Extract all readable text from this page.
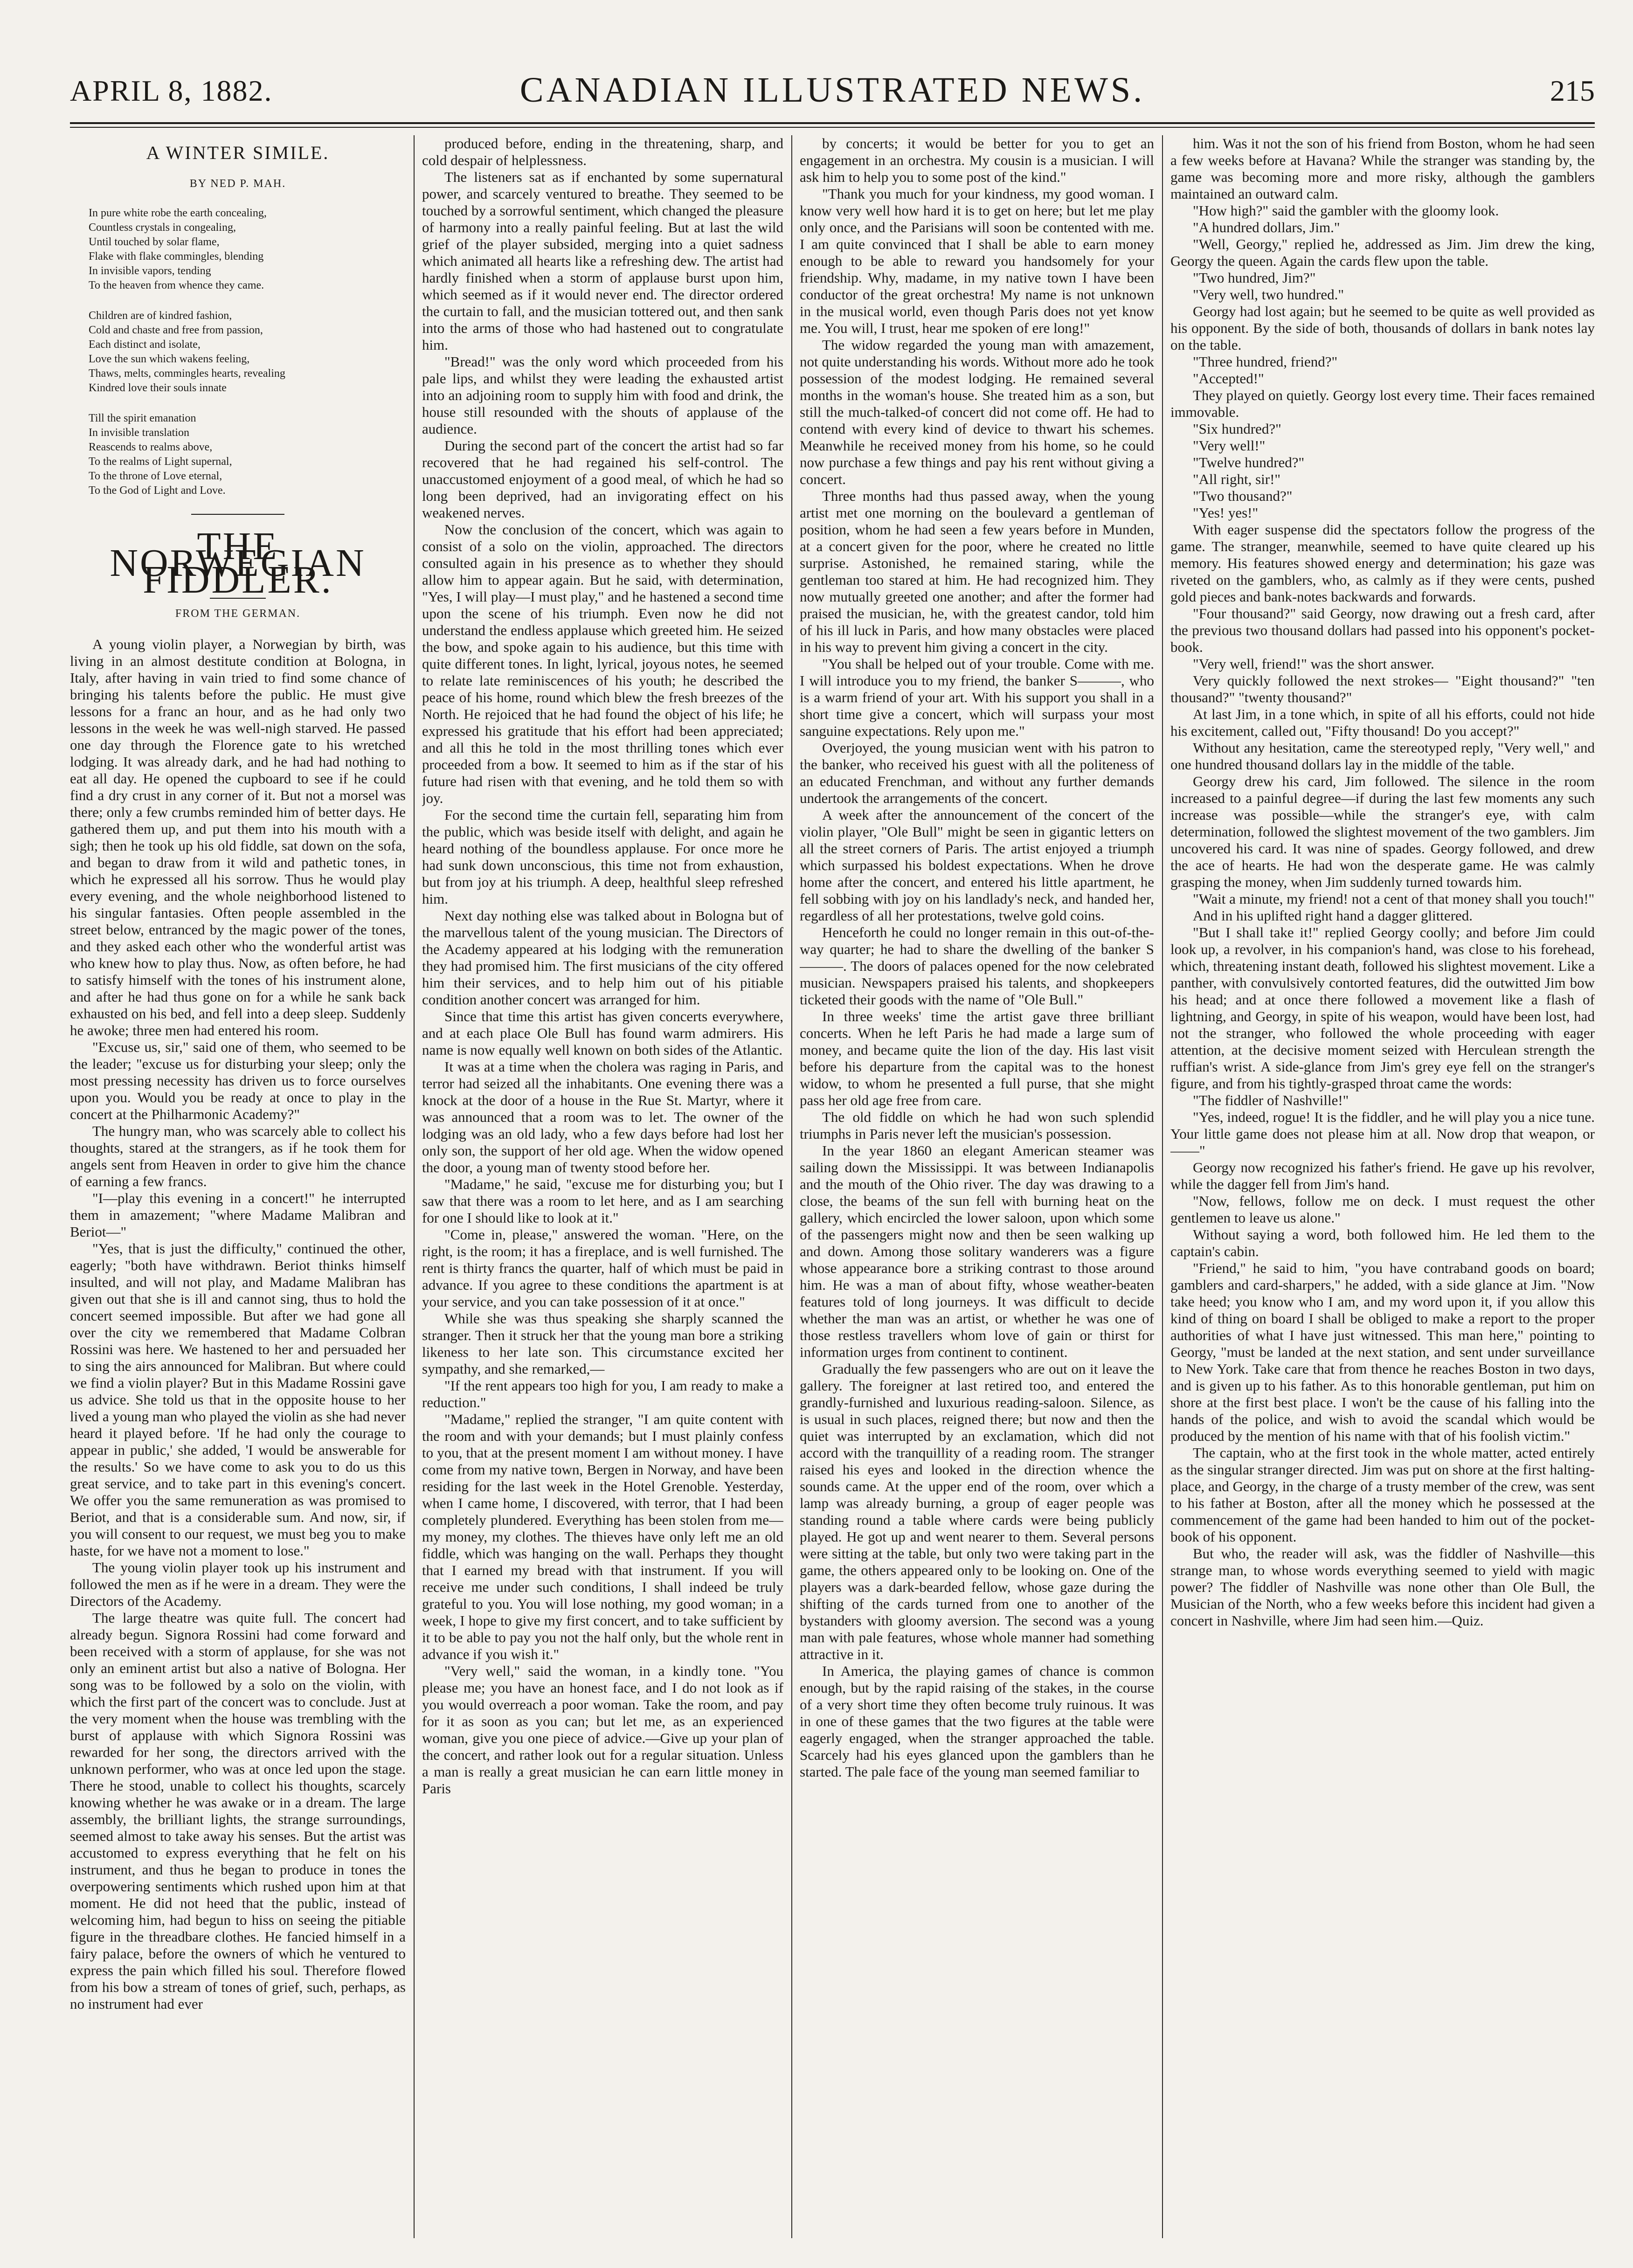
APRIL 8, 1882.	CANADIAN ILLUSTRATED NEWS.	215
A WINTER SIMILE.
BY NED P. MAH.
In pure white robe the earth concealing,
Countless crystals in congealing,
Until touched by solar flame,
Flake with flake commingles, blending
In invisible vapors, tending
To the heaven from whence they came.
Children are of kindred fashion,
Cold and chaste and free from passion,
Each distinct and isolate,
Love the sun which wakens feeling,
Thaws, melts, commingles hearts, revealing
Kindred love their souls innate
Till the spirit emanation
In invisible translation
Reascends to realms above,
To the realms of Light supernal,
To the throne of Love eternal,
To the God of Light and Love.
THE NORWEGIAN FIDDLER.
FROM THE GERMAN.

A young violin player, a Norwegian by birth, was living in an almost destitute condition at Bologna, in Italy, after having in vain tried to find some chance of bringing his talents before the public. He must give lessons for a franc an hour, and as he had only two lessons in the week he was well-nigh starved. He passed one day through the Florence gate to his wretched lodging. It was already dark, and he had had nothing to eat all day. He opened the cupboard to see if he could find a dry crust in any corner of it. But not a morsel was there; only a few crumbs reminded him of better days. He gathered them up, and put them into his mouth with a sigh; then he took up his old fiddle, sat down on the sofa, and began to draw from it wild and pathetic tones, in which he expressed all his sorrow. Thus he would play every evening, and the whole neighborhood listened to his singular fantasies. Often people assembled in the street below, entranced by the magic power of the tones, and they asked each other who the wonderful artist was who knew how to play thus. Now, as often before, he had to satisfy himself with the tones of his instrument alone, and after he had thus gone on for a while he sank back exhausted on his bed, and fell into a deep sleep. Suddenly he awoke; three men had entered his room.

"Excuse us, sir," said one of them, who seemed to be the leader; "excuse us for disturbing your sleep; only the most pressing necessity has driven us to force ourselves upon you. Would you be ready at once to play in the concert at the Philharmonic Academy?"

The hungry man, who was scarcely able to collect his thoughts, stared at the strangers, as if he took them for angels sent from Heaven in order to give him the chance of earning a few francs.

"I—play this evening in a concert!" he interrupted them in amazement; "where Madame Malibran and Beriot—"

"Yes, that is just the difficulty," continued the other, eagerly; "both have withdrawn. Beriot thinks himself insulted, and will not play, and Madame Malibran has given out that she is ill and cannot sing, thus to hold the concert seemed impossible. But after we had gone all over the city we remembered that Madame Colbran Rossini was here. We hastened to her and persuaded her to sing the airs announced for Malibran. But where could we find a violin player? But in this Madame Rossini gave us advice. She told us that in the opposite house to her lived a young man who played the violin as she had never heard it played before. 'If he had only the courage to appear in public,' she added, 'I would be answerable for the results.' So we have come to ask you to do us this great service, and to take part in this evening's concert. We offer you the same remuneration as was promised to Beriot, and that is a considerable sum. And now, sir, if you will consent to our request, we must beg you to make haste, for we have not a moment to lose."

The young violin player took up his instrument and followed the men as if he were in a dream. They were the Directors of the Academy.

The large theatre was quite full. The concert had already begun. Signora Rossini had come forward and been received with a storm of applause, for she was not only an eminent artist but also a native of Bologna. Her song was to be followed by a solo on the violin, with which the first part of the concert was to conclude. Just at the very moment when the house was trembling with the burst of applause with which Signora Rossini was rewarded for her song, the directors arrived with the unknown performer, who was at once led upon the stage. There he stood, unable to collect his thoughts, scarcely knowing whether he was awake or in a dream. The large assembly, the brilliant lights, the strange surroundings, seemed almost to take away his senses. But the artist was accustomed to express everything that he felt on his instrument, and thus he began to produce in tones the overpowering sentiments which rushed upon him at that moment. He did not heed that the public, instead of welcoming him, had begun to hiss on seeing the pitiable figure in the threadbare clothes. He fancied himself in a fairy palace, before the owners of which he ventured to express the pain which filled his soul. Therefore flowed from his bow a stream of tones of grief, such, perhaps, as no instrument had ever

produced before, ending in the threatening, sharp, and cold despair of helplessness.

The listeners sat as if enchanted by some supernatural power, and scarcely ventured to breathe. They seemed to be touched by a sorrowful sentiment, which changed the pleasure of harmony into a really painful feeling. But at last the wild grief of the player subsided, merging into a quiet sadness which animated all hearts like a refreshing dew. The artist had hardly finished when a storm of applause burst upon him, which seemed as if it would never end. The director ordered the curtain to fall, and the musician tottered out, and then sank into the arms of those who had hastened out to congratulate him.

"Bread!" was the only word which proceeded from his pale lips, and whilst they were leading the exhausted artist into an adjoining room to supply him with food and drink, the house still resounded with the shouts of applause of the audience.

During the second part of the concert the artist had so far recovered that he had regained his self-control. The unaccustomed enjoyment of a good meal, of which he had so long been deprived, had an invigorating effect on his weakened nerves.

Now the conclusion of the concert, which was again to consist of a solo on the violin, approached. The directors consulted again in his presence as to whether they should allow him to appear again. But he said, with determination, "Yes, I will play—I must play," and he hastened a second time upon the scene of his triumph. Even now he did not understand the endless applause which greeted him. He seized the bow, and spoke again to his audience, but this time with quite different tones. In light, lyrical, joyous notes, he seemed to relate late reminiscences of his youth; he described the peace of his home, round which blew the fresh breezes of the North. He rejoiced that he had found the object of his life; he expressed his gratitude that his effort had been appreciated; and all this he told in the most thrilling tones which ever proceeded from a bow. It seemed to him as if the star of his future had risen with that evening, and he told them so with joy.

For the second time the curtain fell, separating him from the public, which was beside itself with delight, and again he heard nothing of the boundless applause. For once more he had sunk down unconscious, this time not from exhaustion, but from joy at his triumph. A deep, healthful sleep refreshed him.

Next day nothing else was talked about in Bologna but of the marvellous talent of the young musician. The Directors of the Academy appeared at his lodging with the remuneration they had promised him. The first musicians of the city offered him their services, and to help him out of his pitiable condition another concert was arranged for him.

Since that time this artist has given concerts everywhere, and at each place Ole Bull has found warm admirers. His name is now equally well known on both sides of the Atlantic.

It was at a time when the cholera was raging in Paris, and terror had seized all the inhabitants. One evening there was a knock at the door of a house in the Rue St. Martyr, where it was announced that a room was to let. The owner of the lodging was an old lady, who a few days before had lost her only son, the support of her old age. When the widow opened the door, a young man of twenty stood before her.

"Madame," he said, "excuse me for disturbing you; but I saw that there was a room to let here, and as I am searching for one I should like to look at it."

"Come in, please," answered the woman. "Here, on the right, is the room; it has a fireplace, and is well furnished. The rent is thirty francs the quarter, half of which must be paid in advance. If you agree to these conditions the apartment is at your service, and you can take possession of it at once."

While she was thus speaking she sharply scanned the stranger. Then it struck her that the young man bore a striking likeness to her late son. This circumstance excited her sympathy, and she remarked,—

"If the rent appears too high for you, I am ready to make a reduction."

"Madame," replied the stranger, "I am quite content with the room and with your demands; but I must plainly confess to you, that at the present moment I am without money. I have come from my native town, Bergen in Norway, and have been residing for the last week in the Hotel Grenoble. Yesterday, when I came home, I discovered, with terror, that I had been completely plundered. Everything has been stolen from me—my money, my clothes. The thieves have only left me an old fiddle, which was hanging on the wall. Perhaps they thought that I earned my bread with that instrument. If you will receive me under such conditions, I shall indeed be truly grateful to you. You will lose nothing, my good woman; in a week, I hope to give my first concert, and to take sufficient by it to be able to pay you not the half only, but the whole rent in advance if you wish it."

"Very well," said the woman, in a kindly tone. "You please me; you have an honest face, and I do not look as if you would overreach a poor woman. Take the room, and pay for it as soon as you can; but let me, as an experienced woman, give you one piece of advice.—Give up your plan of the concert, and rather look out for a regular situation. Unless a man is really a great musician he can earn little money in Paris

by concerts; it would be better for you to get an engagement in an orchestra. My cousin is a musician. I will ask him to help you to some post of the kind."

"Thank you much for your kindness, my good woman. I know very well how hard it is to get on here; but let me play only once, and the Parisians will soon be contented with me. I am quite convinced that I shall be able to earn money enough to be able to reward you handsomely for your friendship. Why, madame, in my native town I have been conductor of the great orchestra! My name is not unknown in the musical world, even though Paris does not yet know me. You will, I trust, hear me spoken of ere long!"

The widow regarded the young man with amazement, not quite understanding his words. Without more ado he took possession of the modest lodging. He remained several months in the woman's house. She treated him as a son, but still the much-talked-of concert did not come off. He had to contend with every kind of device to thwart his schemes. Meanwhile he received money from his home, so he could now purchase a few things and pay his rent without giving a concert.

Three months had thus passed away, when the young artist met one morning on the boulevard a gentleman of position, whom he had seen a few years before in Munden, at a concert given for the poor, where he created no little surprise. Astonished, he remained staring, while the gentleman too stared at him. He had recognized him. They now mutually greeted one another; and after the former had praised the musician, he, with the greatest candor, told him of his ill luck in Paris, and how many obstacles were placed in his way to prevent him giving a concert in the city.

"You shall be helped out of your trouble. Come with me. I will introduce you to my friend, the banker S———, who is a warm friend of your art. With his support you shall in a short time give a concert, which will surpass your most sanguine expectations. Rely upon me."

Overjoyed, the young musician went with his patron to the banker, who received his guest with all the politeness of an educated Frenchman, and without any further demands undertook the arrangements of the concert.

A week after the announcement of the concert of the violin player, "Ole Bull" might be seen in gigantic letters on all the street corners of Paris. The artist enjoyed a triumph which surpassed his boldest expectations. When he drove home after the concert, and entered his little apartment, he fell sobbing with joy on his landlady's neck, and handed her, regardless of all her protestations, twelve gold coins.

Henceforth he could no longer remain in this out-of-the-way quarter; he had to share the dwelling of the banker S———. The doors of palaces opened for the now celebrated musician. Newspapers praised his talents, and shopkeepers ticketed their goods with the name of "Ole Bull."

In three weeks' time the artist gave three brilliant concerts. When he left Paris he had made a large sum of money, and became quite the lion of the day. His last visit before his departure from the capital was to the honest widow, to whom he presented a full purse, that she might pass her old age free from care.

The old fiddle on which he had won such splendid triumphs in Paris never left the musician's possession.

In the year 1860 an elegant American steamer was sailing down the Mississippi. It was between Indianapolis and the mouth of the Ohio river. The day was drawing to a close, the beams of the sun fell with burning heat on the gallery, which encircled the lower saloon, upon which some of the passengers might now and then be seen walking up and down. Among those solitary wanderers was a figure whose appearance bore a striking contrast to those around him. He was a man of about fifty, whose weather-beaten features told of long journeys. It was difficult to decide whether the man was an artist, or whether he was one of those restless travellers whom love of gain or thirst for information urges from continent to continent.

Gradually the few passengers who are out on it leave the gallery. The foreigner at last retired too, and entered the grandly-furnished and luxurious reading-saloon. Silence, as is usual in such places, reigned there; but now and then the quiet was interrupted by an exclamation, which did not accord with the tranquillity of a reading room. The stranger raised his eyes and looked in the direction whence the sounds came. At the upper end of the room, over which a lamp was already burning, a group of eager people was standing round a table where cards were being publicly played. He got up and went nearer to them. Several persons were sitting at the table, but only two were taking part in the game, the others appeared only to be looking on. One of the players was a dark-bearded fellow, whose gaze during the shifting of the cards turned from one to another of the bystanders with gloomy aversion. The second was a young man with pale features, whose whole manner had something attractive in it.

In America, the playing games of chance is common enough, but by the rapid raising of the stakes, in the course of a very short time they often become truly ruinous. It was in one of these games that the two figures at the table were eagerly engaged, when the stranger approached the table. Scarcely had his eyes glanced upon the gamblers than he started. The pale face of the young man seemed familiar to

him. Was it not the son of his friend from Boston, whom he had seen a few weeks before at Havana? While the stranger was standing by, the game was becoming more and more risky, although the gamblers maintained an outward calm.

"How high?" said the gambler with the gloomy look.

"A hundred dollars, Jim."

"Well, Georgy," replied he, addressed as Jim. Jim drew the king, Georgy the queen. Again the cards flew upon the table.

"Two hundred, Jim?"

"Very well, two hundred."

Georgy had lost again; but he seemed to be quite as well provided as his opponent. By the side of both, thousands of dollars in bank notes lay on the table.

"Three hundred, friend?"

"Accepted!"

They played on quietly. Georgy lost every time. Their faces remained immovable.

"Six hundred?"

"Very well!"

"Twelve hundred?"

"All right, sir!"

"Two thousand?"

"Yes! yes!"

With eager suspense did the spectators follow the progress of the game. The stranger, meanwhile, seemed to have quite cleared up his memory. His features showed energy and determination; his gaze was riveted on the gamblers, who, as calmly as if they were cents, pushed gold pieces and bank-notes backwards and forwards.

"Four thousand?" said Georgy, now drawing out a fresh card, after the previous two thousand dollars had passed into his opponent's pocket-book.

"Very well, friend!" was the short answer.

Very quickly followed the next strokes— "Eight thousand?" "ten thousand?" "twenty thousand?"

At last Jim, in a tone which, in spite of all his efforts, could not hide his excitement, called out, "Fifty thousand! Do you accept?"

Without any hesitation, came the stereotyped reply, "Very well," and one hundred thousand dollars lay in the middle of the table.

Georgy drew his card, Jim followed. The silence in the room increased to a painful degree—if during the last few moments any such increase was possible—while the stranger's eye, with calm determination, followed the slightest movement of the two gamblers. Jim uncovered his card. It was nine of spades. Georgy followed, and drew the ace of hearts. He had won the desperate game. He was calmly grasping the money, when Jim suddenly turned towards him.

"Wait a minute, my friend! not a cent of that money shall you touch!"

And in his uplifted right hand a dagger glittered.

"But I shall take it!" replied Georgy coolly; and before Jim could look up, a revolver, in his companion's hand, was close to his forehead, which, threatening instant death, followed his slightest movement. Like a panther, with convulsively contorted features, did the outwitted Jim bow his head; and at once there followed a movement like a flash of lightning, and Georgy, in spite of his weapon, would have been lost, had not the stranger, who followed the whole proceeding with eager attention, at the decisive moment seized with Herculean strength the ruffian's wrist. A side-glance from Jim's grey eye fell on the stranger's figure, and from his tightly-grasped throat came the words:

"The fiddler of Nashville!"

"Yes, indeed, rogue! It is the fiddler, and he will play you a nice tune. Your little game does not please him at all. Now drop that weapon, or——"

Georgy now recognized his father's friend. He gave up his revolver, while the dagger fell from Jim's hand.

"Now, fellows, follow me on deck. I must request the other gentlemen to leave us alone."

Without saying a word, both followed him. He led them to the captain's cabin.

"Friend," he said to him, "you have contraband goods on board; gamblers and card-sharpers," he added, with a side glance at Jim. "Now take heed; you know who I am, and my word upon it, if you allow this kind of thing on board I shall be obliged to make a report to the proper authorities of what I have just witnessed. This man here," pointing to Georgy, "must be landed at the next station, and sent under surveillance to New York. Take care that from thence he reaches Boston in two days, and is given up to his father. As to this honorable gentleman, put him on shore at the first best place. I won't be the cause of his falling into the hands of the police, and wish to avoid the scandal which would be produced by the mention of his name with that of his foolish victim."

The captain, who at the first took in the whole matter, acted entirely as the singular stranger directed. Jim was put on shore at the first halting-place, and Georgy, in the charge of a trusty member of the crew, was sent to his father at Boston, after all the money which he possessed at the commencement of the game had been handed to him out of the pocket-book of his opponent.

But who, the reader will ask, was the fiddler of Nashville—this strange man, to whose words everything seemed to yield with magic power? The fiddler of Nashville was none other than Ole Bull, the Musician of the North, who a few weeks before this incident had given a concert in Nashville, where Jim had seen him.—Quiz.
